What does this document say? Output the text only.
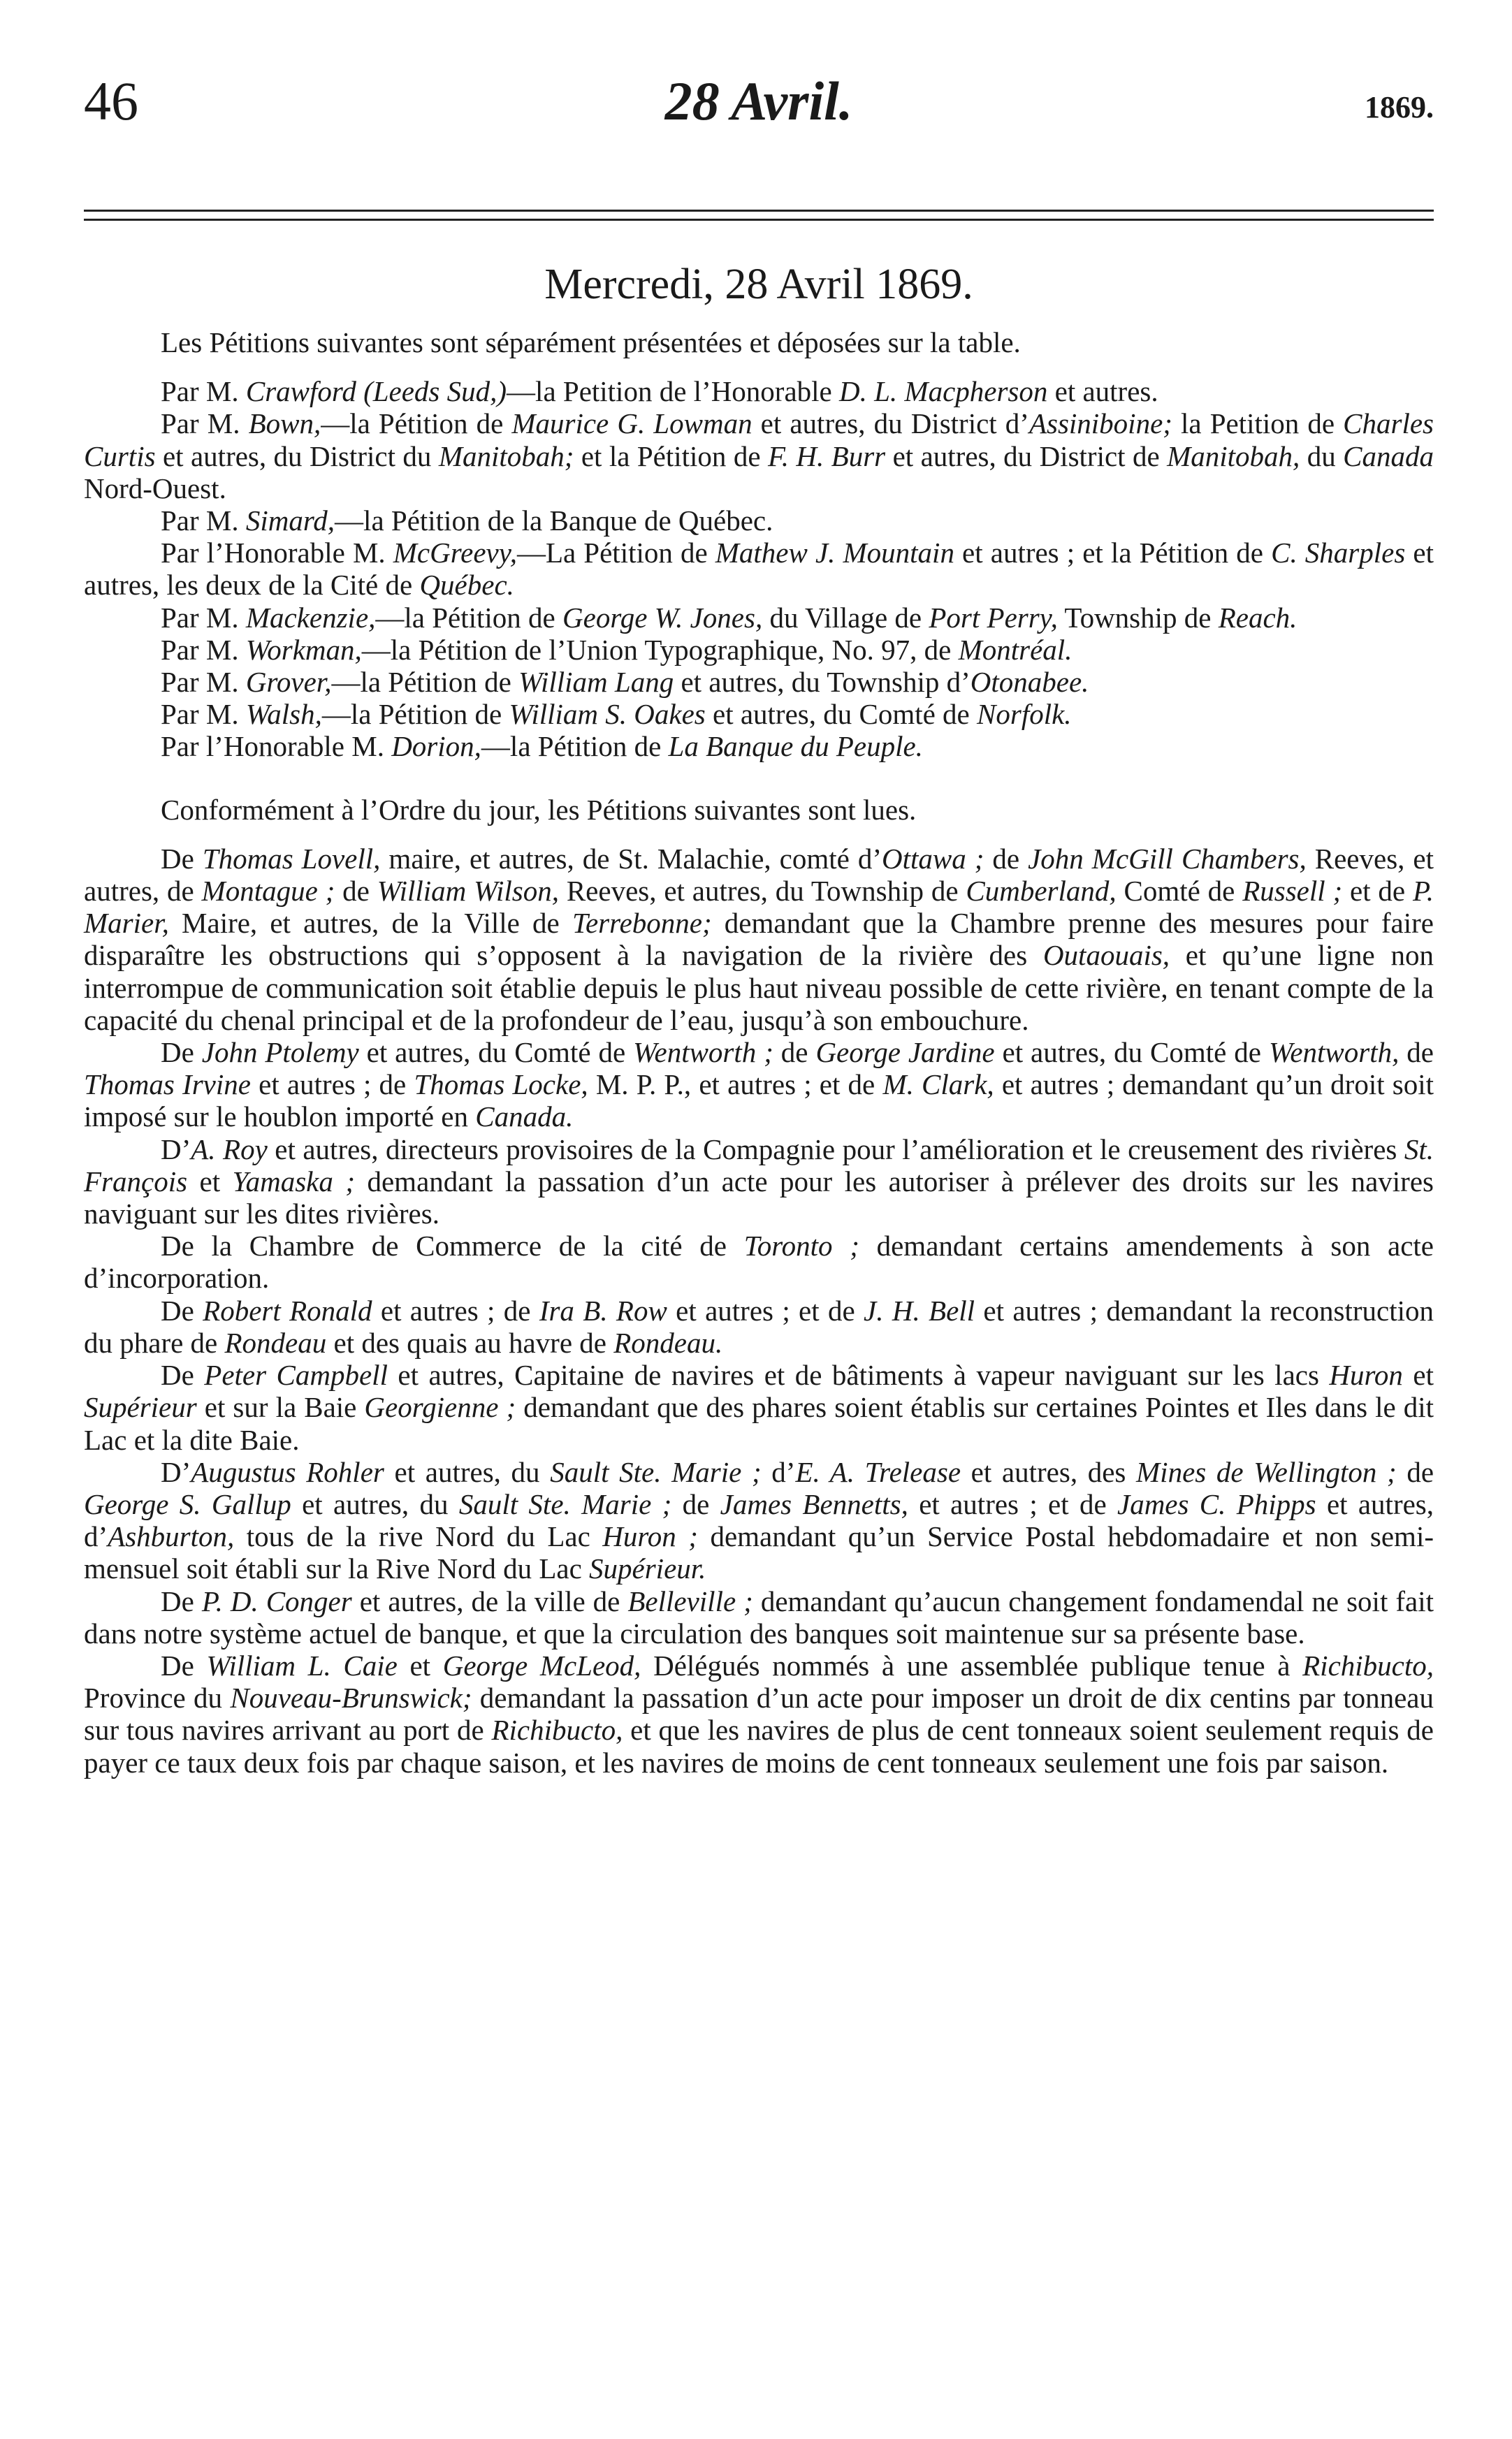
46	28 Avril.	1869.
Mercredi, 28 Avril 1869.

Les Pétitions suivantes sont séparément présentées et déposées sur la table.

Par M. Crawford (Leeds Sud,)—la Petition de l’Honorable D. L. Macpherson et autres.

Par M. Bown,—la Pétition de Maurice G. Lowman et autres, du District d’Assiniboine; la Petition de Charles Curtis et autres, du District du Manitobah; et la Pétition de F. H. Burr et autres, du District de Manitobah, du Canada Nord-Ouest.

Par M. Simard,—la Pétition de la Banque de Québec.

Par l’Honorable M. McGreevy,—La Pétition de Mathew J. Mountain et autres ; et la Pétition de C. Sharples et autres, les deux de la Cité de Québec.

Par M. Mackenzie,—la Pétition de George W. Jones, du Village de Port Perry, Township de Reach.

Par M. Workman,—la Pétition de l’Union Typographique, No. 97, de Montréal.

Par M. Grover,—la Pétition de William Lang et autres, du Township d’Otonabee.

Par M. Walsh,—la Pétition de William S. Oakes et autres, du Comté de Norfolk.

Par l’Honorable M. Dorion,—la Pétition de La Banque du Peuple.

Conformément à l’Ordre du jour, les Pétitions suivantes sont lues.

De Thomas Lovell, maire, et autres, de St. Malachie, comté d’Ottawa ; de John McGill Chambers, Reeves, et autres, de Montague ; de William Wilson, Reeves, et autres, du Township de Cumberland, Comté de Russell ; et de P. Marier, Maire, et autres, de la Ville de Terrebonne; demandant que la Chambre prenne des mesures pour faire disparaître les obstructions qui s’opposent à la navigation de la rivière des Outaouais, et qu’une ligne non interrompue de communication soit établie depuis le plus haut niveau possible de cette rivière, en tenant compte de la capacité du chenal principal et de la profondeur de l’eau, jusqu’à son embouchure.

De John Ptolemy et autres, du Comté de Wentworth ; de George Jardine et autres, du Comté de Wentworth, de Thomas Irvine et autres ; de Thomas Locke, M. P. P., et autres ; et de M. Clark, et autres ; demandant qu’un droit soit imposé sur le houblon importé en Canada.

D’A. Roy et autres, directeurs provisoires de la Compagnie pour l’amélioration et le creusement des rivières St. François et Yamaska ; demandant la passation d’un acte pour les autoriser à prélever des droits sur les navires naviguant sur les dites rivières.

De la Chambre de Commerce de la cité de Toronto ; demandant certains amendements à son acte d’incorporation.

De Robert Ronald et autres ; de Ira B. Row et autres ; et de J. H. Bell et autres ; demandant la reconstruction du phare de Rondeau et des quais au havre de Rondeau.

De Peter Campbell et autres, Capitaine de navires et de bâtiments à vapeur naviguant sur les lacs Huron et Supérieur et sur la Baie Georgienne ; demandant que des phares soient établis sur certaines Pointes et Iles dans le dit Lac et la dite Baie.

D’Augustus Rohler et autres, du Sault Ste. Marie ; d’E. A. Trelease et autres, des Mines de Wellington ; de George S. Gallup et autres, du Sault Ste. Marie ; de James Bennetts, et autres ; et de James C. Phipps et autres, d’Ashburton, tous de la rive Nord du Lac Huron ; demandant qu’un Service Postal hebdomadaire et non semi-mensuel soit établi sur la Rive Nord du Lac Supérieur.

De P. D. Conger et autres, de la ville de Belleville ; demandant qu’aucun changement fondamendal ne soit fait dans notre système actuel de banque, et que la circulation des banques soit maintenue sur sa présente base.

De William L. Caie et George McLeod, Délégués nommés à une assemblée publique tenue à Richibucto, Province du Nouveau-Brunswick; demandant la passation d’un acte pour imposer un droit de dix centins par tonneau sur tous navires arrivant au port de Richibucto, et que les navires de plus de cent tonneaux soient seulement requis de payer ce taux deux fois par chaque saison, et les navires de moins de cent tonneaux seulement une fois par saison.
